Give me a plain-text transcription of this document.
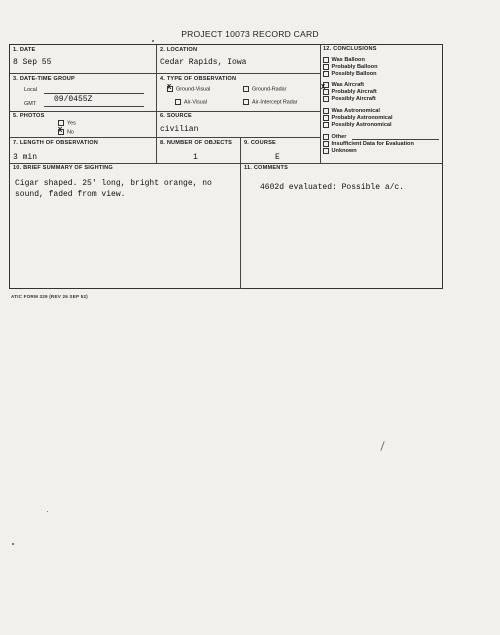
PROJECT 10073 RECORD CARD
1. DATE
8 Sep 55
2. LOCATION
Cedar Rapids, Iowa
3. DATE-TIME GROUP
Local
GMT 09/0455Z
4. TYPE OF OBSERVATION
X Ground-Visual	Ground-Radar
Air-Visual	Air-Intercept Radar
5. PHOTOS
Yes
X No
6. SOURCE
civilian
7. LENGTH OF OBSERVATION
3 min
8. NUMBER OF OBJECTS
1
9. COURSE
E
10. BRIEF SUMMARY OF SIGHTING
Cigar shaped. 25' long, bright orange, no
sound, faded from view.
11. COMMENTS
4602d evaluated: Possible a/c.
12. CONCLUSIONS
Was Balloon
Probably Balloon
Possibly Balloon
Was Aircraft
Probably Aircraft
X
Possibly Aircraft
Was Astronomical
Probably Astronomical
Possibly Astronomical
Other
Insufficient Data for Evaluation
Unknown
ATIC FORM 329 (REV 26 SEP 52)
